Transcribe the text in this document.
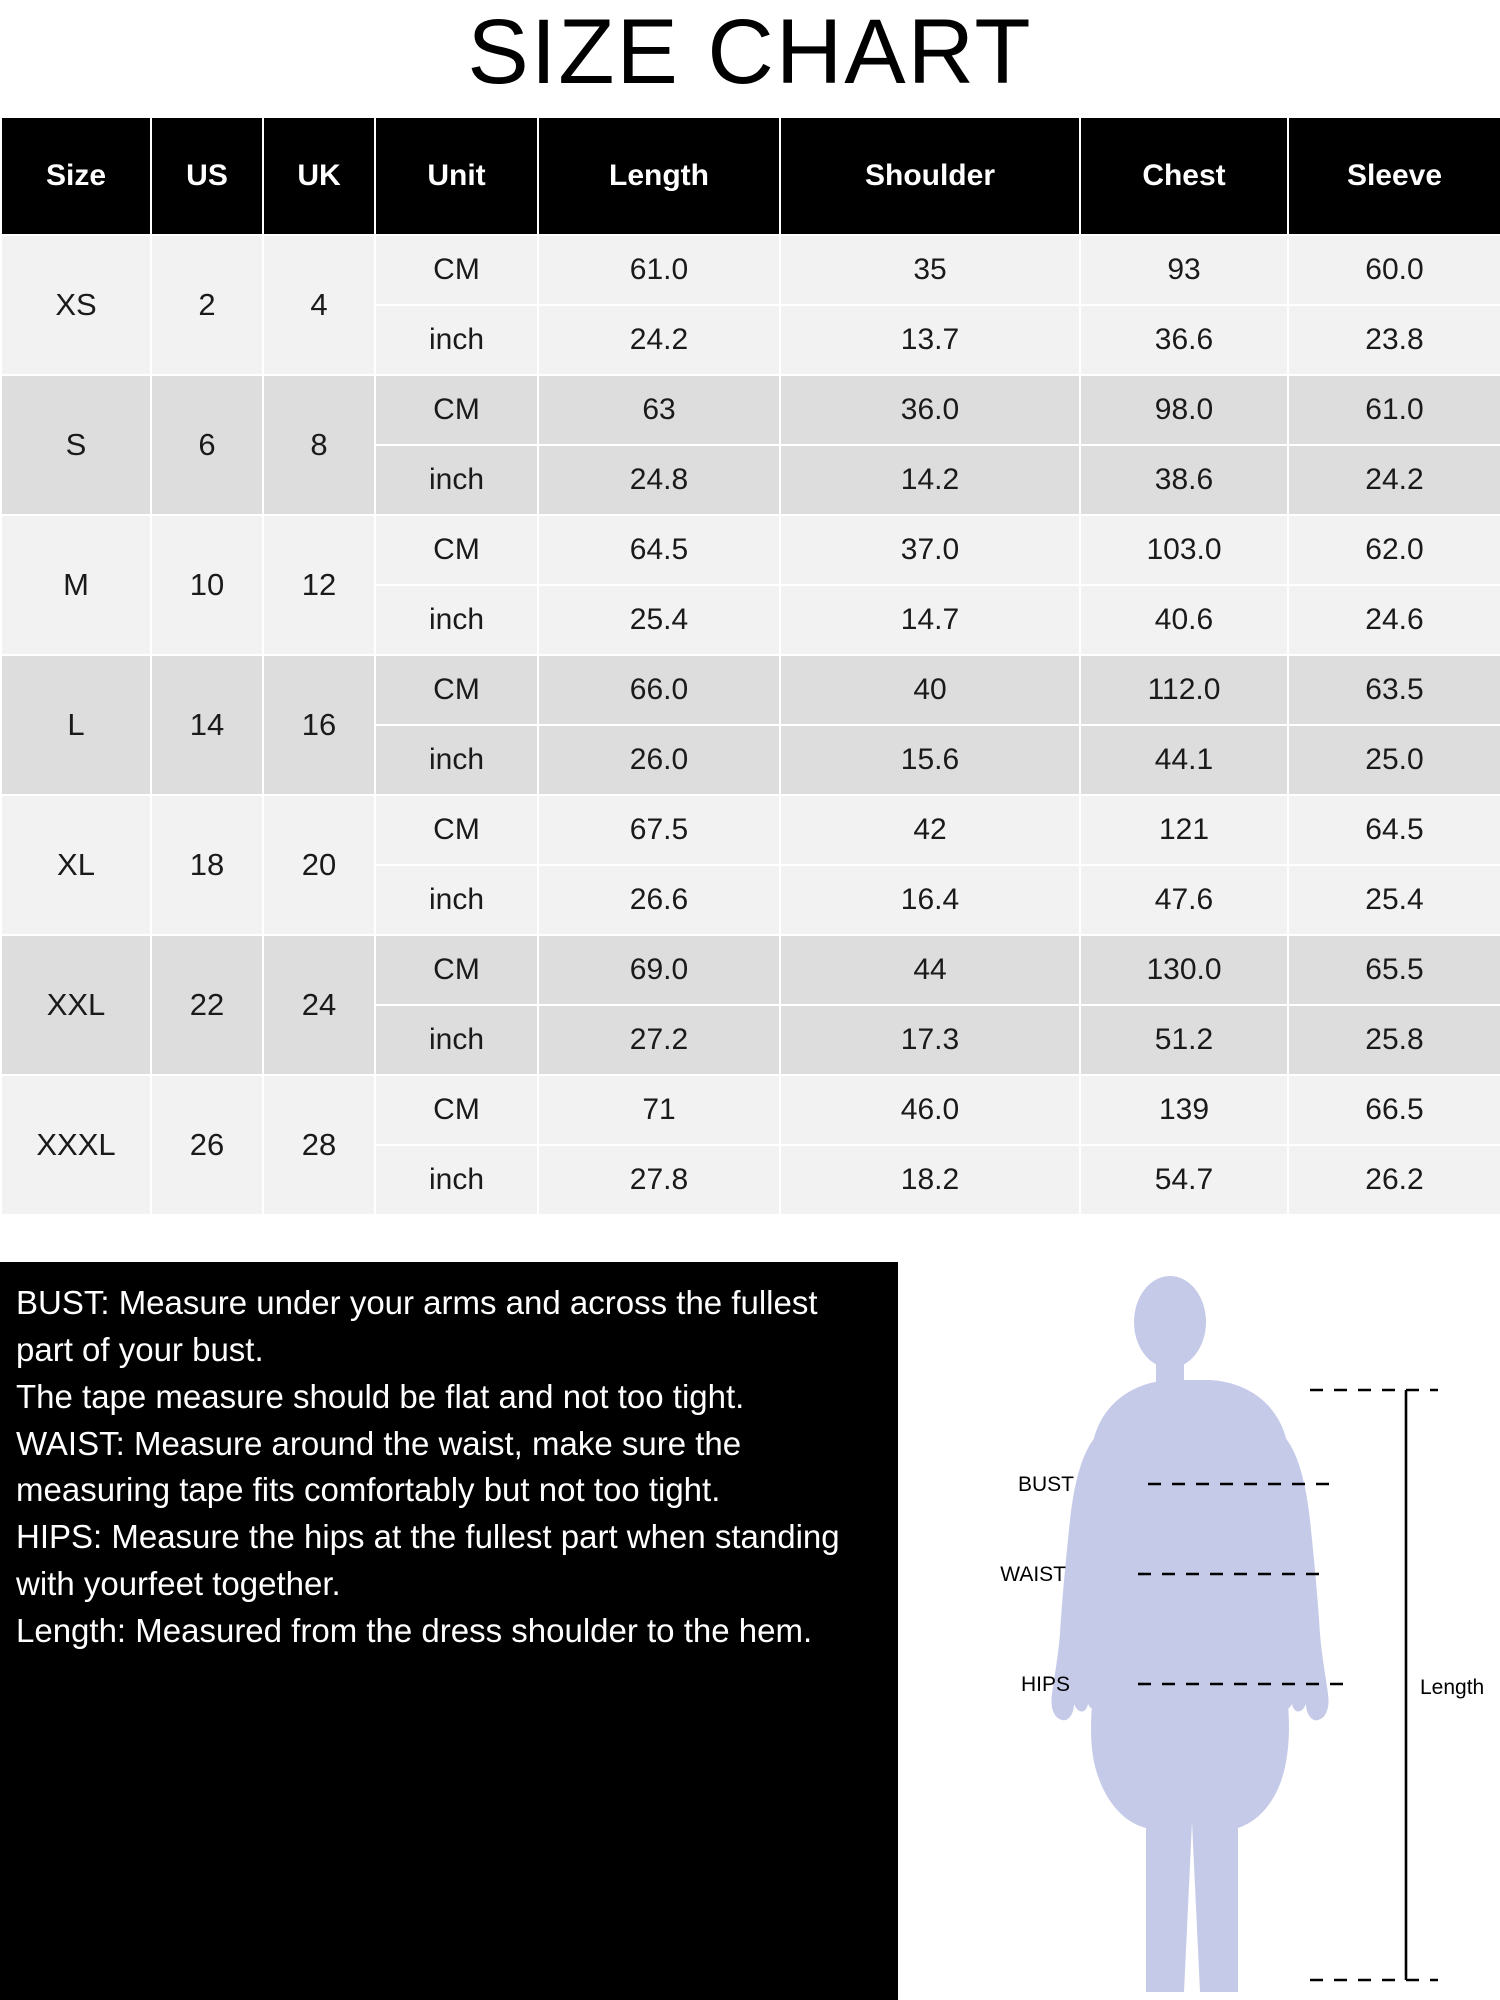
SIZE CHART
Size	US	UK	Unit	Length	Shoulder	Chest	Sleeve
XS	2	4	CM	61.0	35	93	60.0
			inch	24.2	13.7	36.6	23.8
S	6	8	CM	63	36.0	98.0	61.0
			inch	24.8	14.2	38.6	24.2
M	10	12	CM	64.5	37.0	103.0	62.0
			inch	25.4	14.7	40.6	24.6
L	14	16	CM	66.0	40	112.0	63.5
			inch	26.0	15.6	44.1	25.0
XL	18	20	CM	67.5	42	121	64.5
			inch	26.6	16.4	47.6	25.4
XXL	22	24	CM	69.0	44	130.0	65.5
			inch	27.2	17.3	51.2	25.8
XXXL	26	28	CM	71	46.0	139	66.5
			inch	27.8	18.2	54.7	26.2

BUST: Measure under your arms and across the fullest part of your bust.

The tape measure should be flat and not too tight.

WAIST: Measure around the waist, make sure the measuring tape fits comfortably but not too tight.

HIPS: Measure the hips at the fullest part when standing with yourfeet together.

Length: Measured from the dress shoulder to the hem.

BUST
WAIST
HIPS	Length
